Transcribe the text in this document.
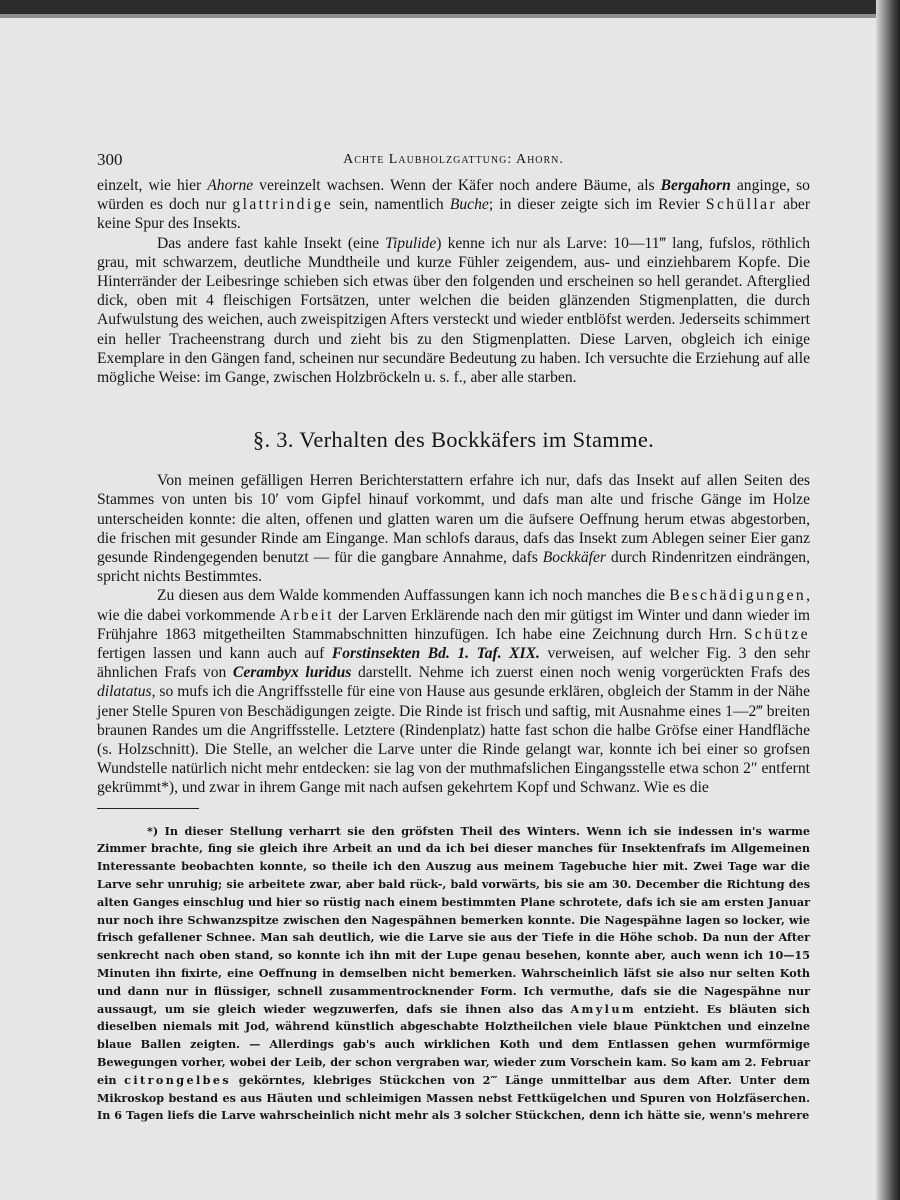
300	Achte Laubholzgattung: Ahorn.

einzelt, wie hier Ahorne vereinzelt wachsen. Wenn der Käfer noch andere Bäume, als Bergahorn anginge, so würden es doch nur glattrindige sein, namentlich Buche; in dieser zeigte sich im Revier Schüllar aber keine Spur des Insekts.

Das andere fast kahle Insekt (eine Tipulide) kenne ich nur als Larve: 10—11‴ lang, fufslos, röthlich grau, mit schwarzem, deutliche Mundtheile und kurze Fühler zeigendem, aus- und einziehbarem Kopfe. Die Hinterränder der Leibesringe schieben sich etwas über den folgenden und erscheinen so hell gerandet. Afterglied dick, oben mit 4 fleischigen Fortsätzen, unter welchen die beiden glänzenden Stigmenplatten, die durch Aufwulstung des weichen, auch zweispitzigen Afters versteckt und wieder entblöfst werden. Jederseits schimmert ein heller Tracheenstrang durch und zieht bis zu den Stigmenplatten. Diese Larven, obgleich ich einige Exemplare in den Gängen fand, scheinen nur secundäre Bedeutung zu haben. Ich versuchte die Erziehung auf alle mögliche Weise: im Gange, zwischen Holzbröckeln u. s. f., aber alle starben.

§. 3. Verhalten des Bockkäfers im Stamme.

Von meinen gefälligen Herren Berichterstattern erfahre ich nur, dafs das Insekt auf allen Seiten des Stammes von unten bis 10′ vom Gipfel hinauf vorkommt, und dafs man alte und frische Gänge im Holze unterscheiden konnte: die alten, offenen und glatten waren um die äufsere Oeffnung herum etwas abgestorben, die frischen mit gesunder Rinde am Eingange. Man schlofs daraus, dafs das Insekt zum Ablegen seiner Eier ganz gesunde Rindengegenden benutzt — für die gangbare Annahme, dafs Bockkäfer durch Rindenritzen eindrängen, spricht nichts Bestimmtes.

Zu diesen aus dem Walde kommenden Auffassungen kann ich noch manches die Beschädigungen, wie die dabei vorkommende Arbeit der Larven Erklärende nach den mir gütigst im Winter und dann wieder im Frühjahre 1863 mitgetheilten Stammabschnitten hinzufügen. Ich habe eine Zeichnung durch Hrn. Schütze fertigen lassen und kann auch auf Forstinsekten Bd. 1. Taf. XIX. verweisen, auf welcher Fig. 3 den sehr ähnlichen Frafs von Cerambyx luridus darstellt. Nehme ich zuerst einen noch wenig vorgerückten Frafs des dilatatus, so mufs ich die Angriffsstelle für eine von Hause aus gesunde erklären, obgleich der Stamm in der Nähe jener Stelle Spuren von Beschädigungen zeigte. Die Rinde ist frisch und saftig, mit Ausnahme eines 1—2‴ breiten braunen Randes um die Angriffsstelle. Letztere (Rindenplatz) hatte fast schon die halbe Gröfse einer Handfläche (s. Holzschnitt). Die Stelle, an welcher die Larve unter die Rinde gelangt war, konnte ich bei einer so grofsen Wundstelle natürlich nicht mehr entdecken: sie lag von der muthmafslichen Eingangsstelle etwa schon 2″ entfernt gekrümmt*), und zwar in ihrem Gange mit nach aufsen gekehrtem Kopf und Schwanz. Wie es die

*) In dieser Stellung verharrt sie den gröfsten Theil des Winters. Wenn ich sie indessen in's warme Zimmer brachte, fing sie gleich ihre Arbeit an und da ich bei dieser manches für Insektenfrafs im Allgemeinen Interessante beobachten konnte, so theile ich den Auszug aus meinem Tagebuche hier mit. Zwei Tage war die Larve sehr unruhig; sie arbeitete zwar, aber bald rück-, bald vorwärts, bis sie am 30. December die Richtung des alten Ganges einschlug und hier so rüstig nach einem bestimmten Plane schrotete, dafs ich sie am ersten Januar nur noch ihre Schwanzspitze zwischen den Nagespähnen bemerken konnte. Die Nagespähne lagen so locker, wie frisch gefallener Schnee. Man sah deutlich, wie die Larve sie aus der Tiefe in die Höhe schob. Da nun der After senkrecht nach oben stand, so konnte ich ihn mit der Lupe genau besehen, konnte aber, auch wenn ich 10—15 Minuten ihn fixirte, eine Oeffnung in demselben nicht bemerken. Wahrscheinlich läfst sie also nur selten Koth und dann nur in flüssiger, schnell zusammentrocknender Form. Ich vermuthe, dafs sie die Nagespähne nur aussaugt, um sie gleich wieder wegzuwerfen, dafs sie ihnen also das Amylum entzieht. Es bläuten sich dieselben niemals mit Jod, während künstlich abgeschabte Holztheilchen viele blaue Pünktchen und einzelne blaue Ballen zeigten. — Allerdings gab's auch wirklichen Koth und dem Entlassen gehen wurmförmige Bewegungen vorher, wobei der Leib, der schon vergraben war, wieder zum Vorschein kam. So kam am 2. Februar ein citrongelbes gekörntes, klebriges Stückchen von 2‴ Länge unmittelbar aus dem After. Unter dem Mikroskop bestand es aus Häuten und schleimigen Massen nebst Fettkügelchen und Spuren von Holzfäserchen. In 6 Tagen liefs die Larve wahrscheinlich nicht mehr als 3 solcher Stückchen, denn ich hätte sie, wenn's mehrere
